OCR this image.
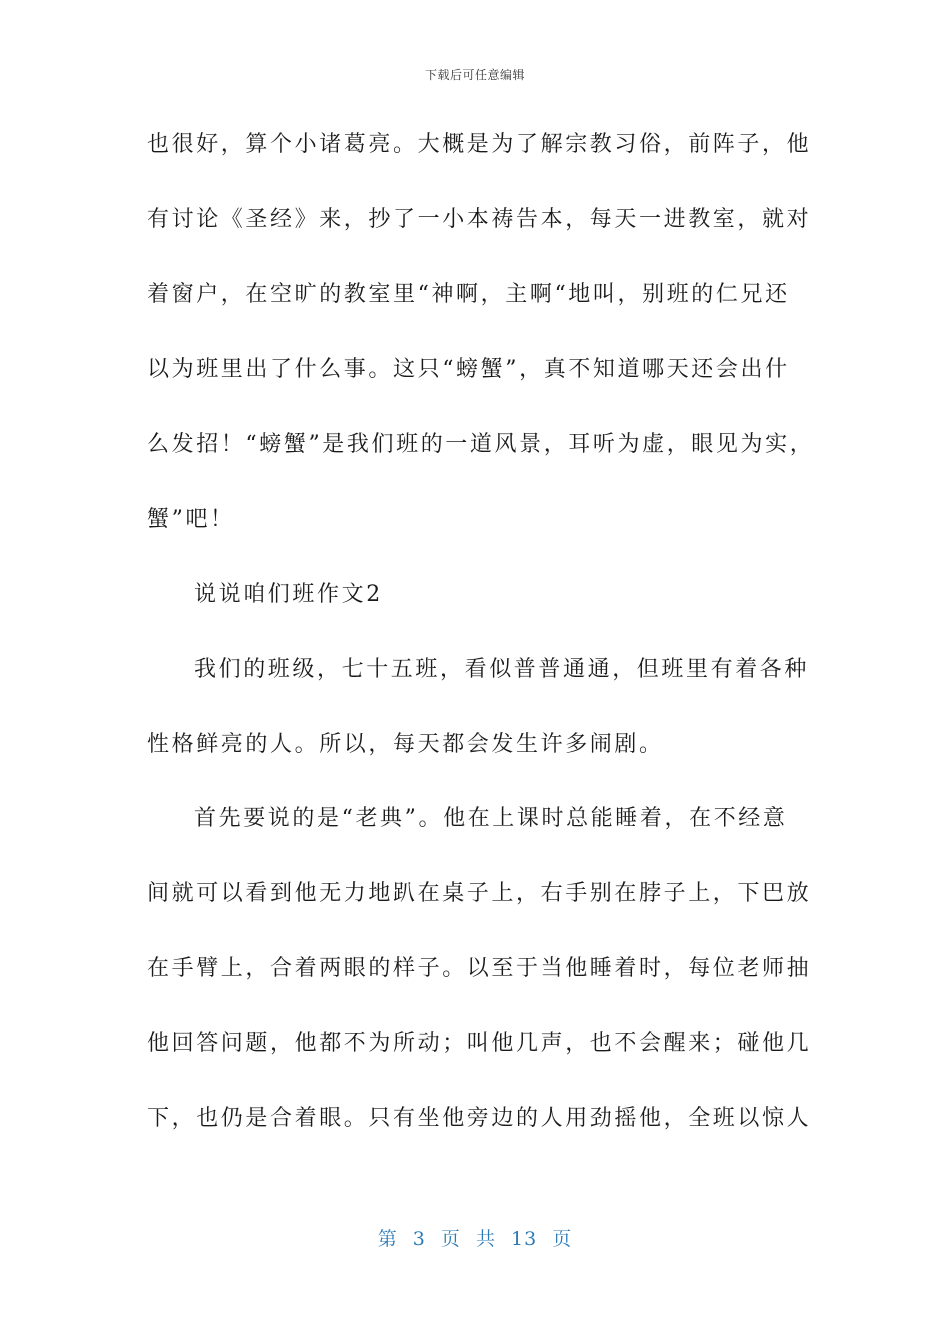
下载后可任意编辑
也很好，算个小诸葛亮。大概是为了解宗教习俗，前阵子，他
有讨论《圣经》来，抄了一小本祷告本，每天一进教室，就对
着窗户，在空旷的教室里“神啊，主啊“地叫，别班的仁兄还
以为班里出了什么事。这只“螃蟹”，真不知道哪天还会出什
么发招！“螃蟹”是我们班的一道风景，耳听为虚，眼见为实，
蟹”吧！
说说咱们班作文2
我们的班级，七十五班，看似普普通通，但班里有着各种
性格鲜亮的人。所以，每天都会发生许多闹剧。
首先要说的是“老典”。他在上课时总能睡着，在不经意
间就可以看到他无力地趴在桌子上，右手别在脖子上，下巴放
在手臂上，合着两眼的样子。以至于当他睡着时，每位老师抽
他回答问题，他都不为所动；叫他几声，也不会醒来；碰他几
下，也仍是合着眼。只有坐他旁边的人用劲摇他，全班以惊人
第 3 页 共 13 页
